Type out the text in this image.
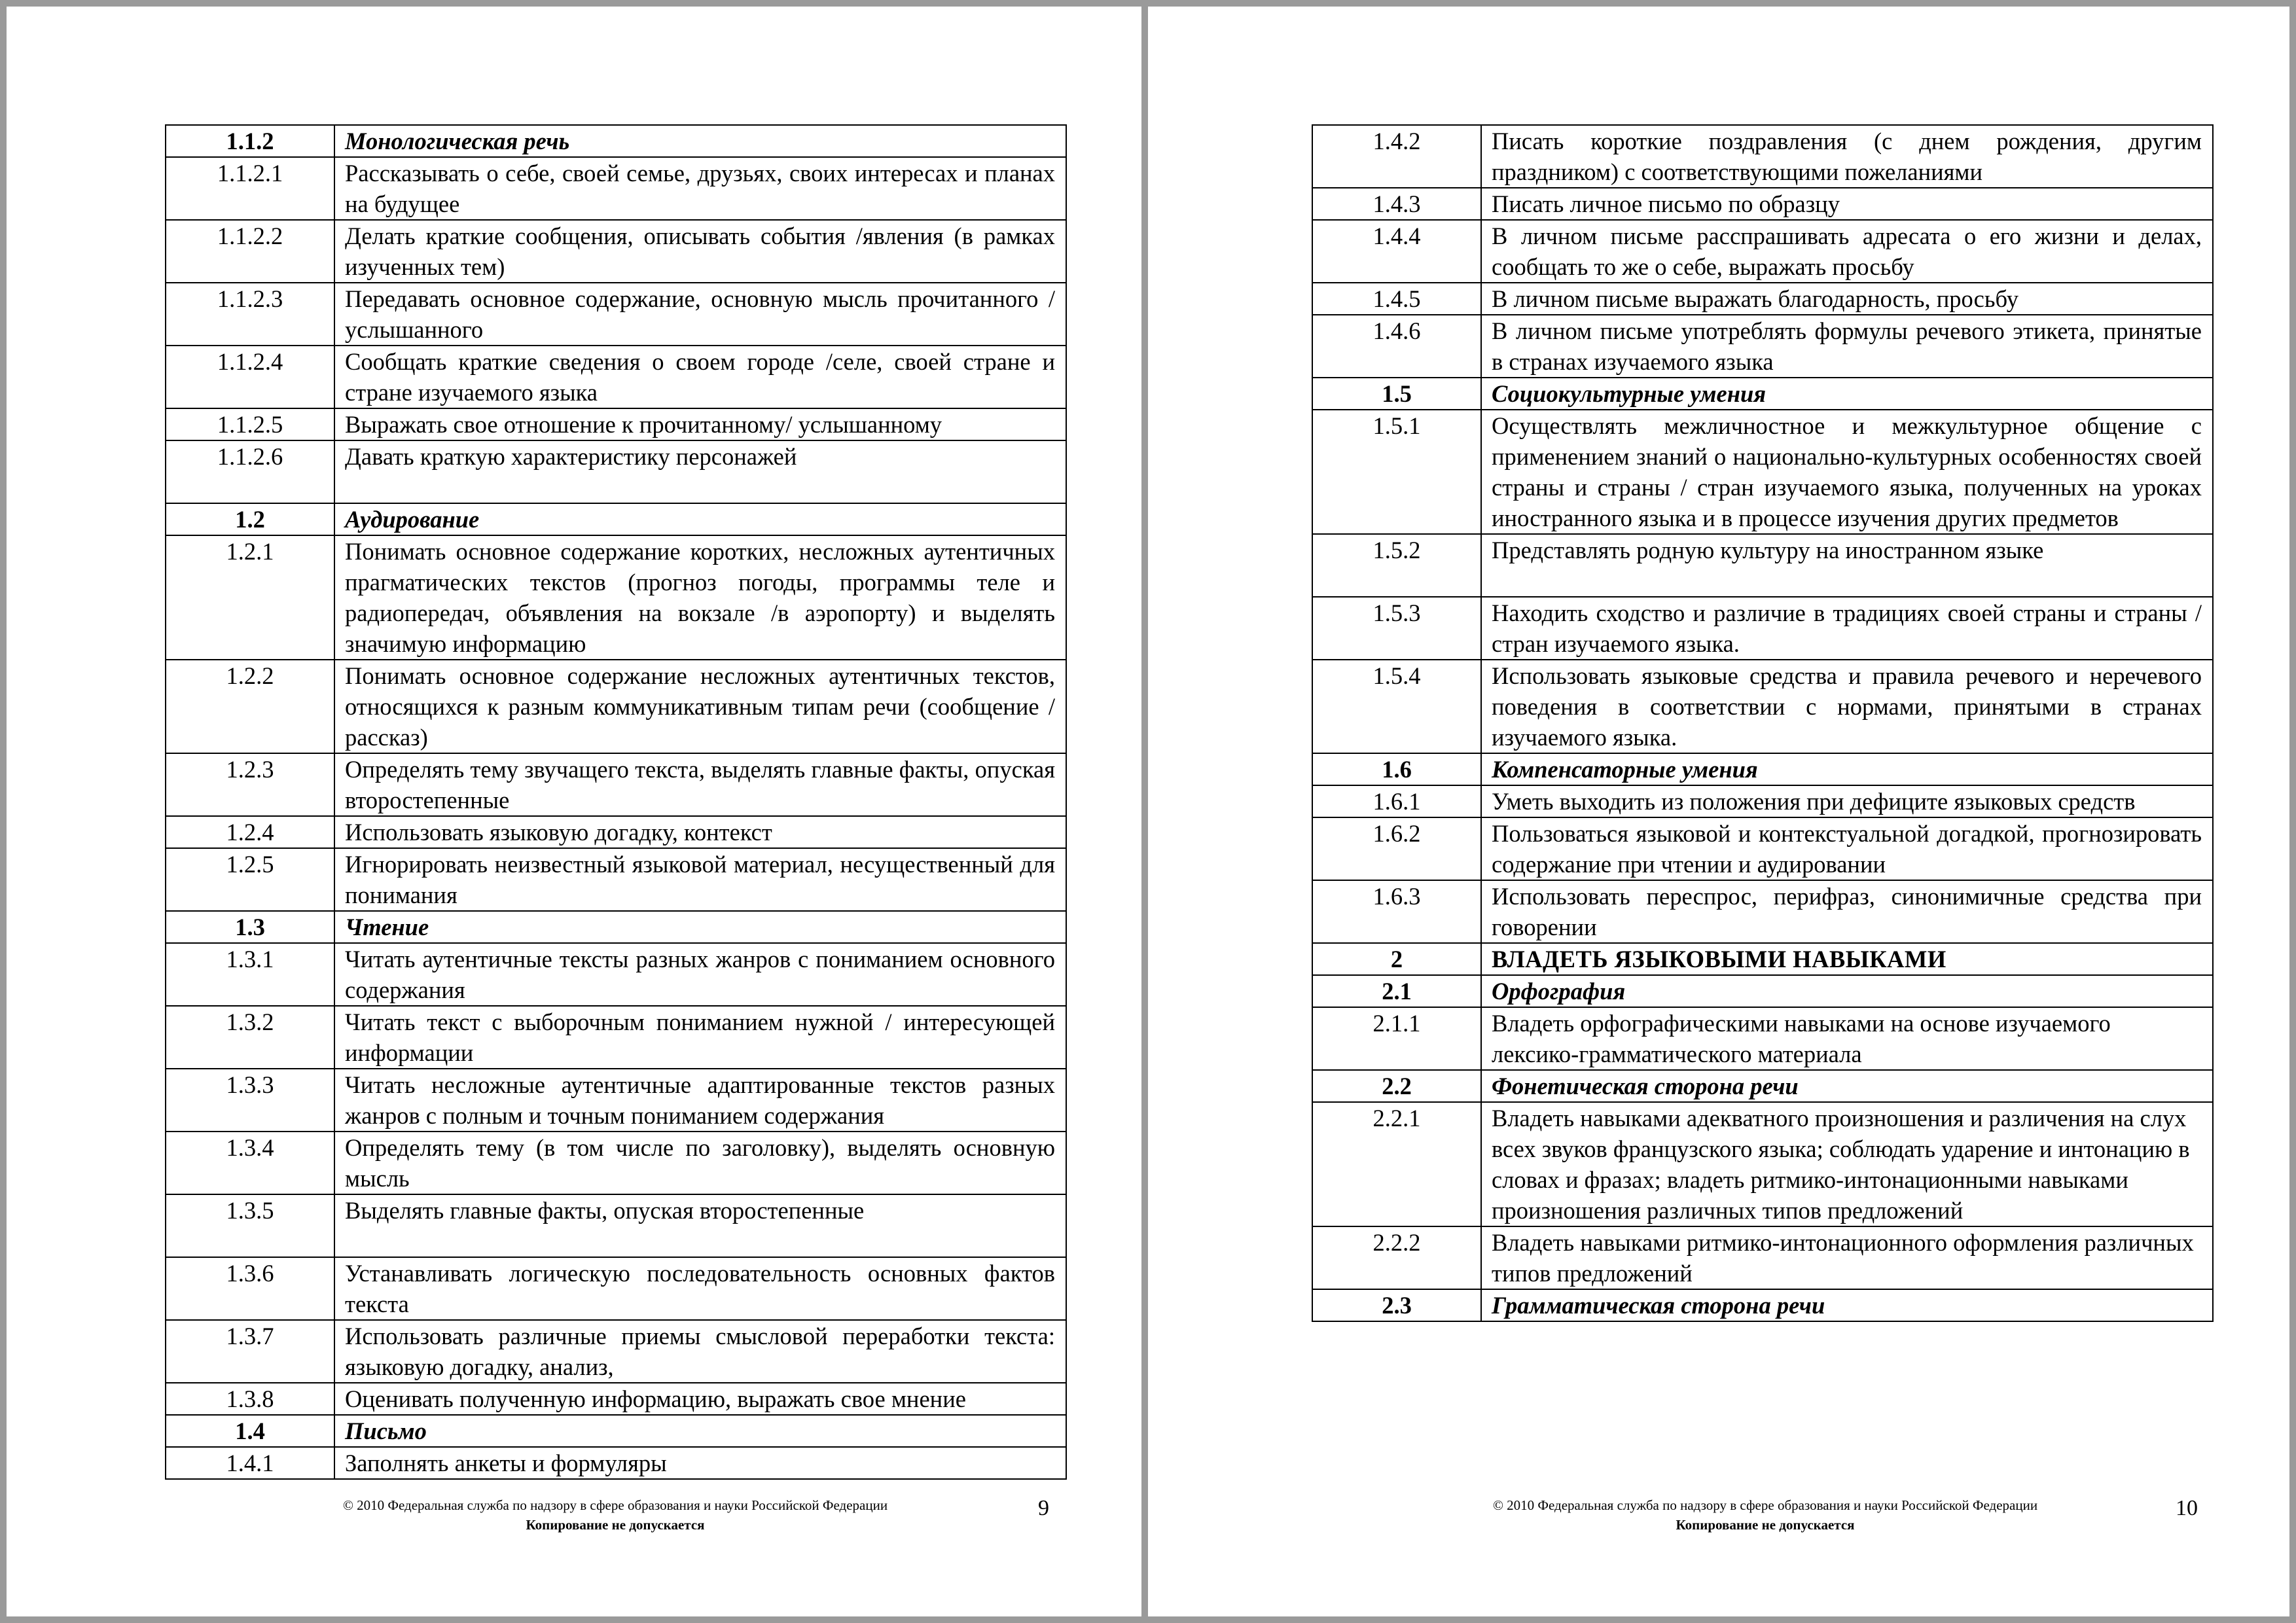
1.1.2	Монологическая речь
1.1.2.1	Рассказывать о себе, своей семье, друзьях, своих интересах и планах на будущее
1.1.2.2	Делать краткие сообщения, описывать события /явления (в рамках изученных тем)
1.1.2.3	Передавать основное содержание, основную мысль прочитанного / услышанного
1.1.2.4	Сообщать краткие сведения о своем городе /селе, своей стране и стране изучаемого языка
1.1.2.5	Выражать свое отношение к прочитанному/ услышанному
1.1.2.6	Давать краткую характеристику персонажей
1.2	Аудирование
1.2.1	Понимать основное содержание коротких, несложных аутентичных прагматических текстов (прогноз погоды, программы теле и радиопередач, объявления на вокзале /в аэропорту) и выделять значимую информацию
1.2.2	Понимать основное содержание несложных аутентичных текстов, относящихся к разным коммуникативным типам речи (сообщение / рассказ)
1.2.3	Определять тему звучащего текста, выделять главные факты, опуская второстепенные
1.2.4	Использовать языковую догадку, контекст
1.2.5	Игнорировать неизвестный языковой материал, несущественный для понимания
1.3	Чтение
1.3.1	Читать аутентичные тексты разных жанров с пониманием основного содержания
1.3.2	Читать текст с выборочным пониманием нужной / интересующей информации
1.3.3	Читать несложные аутентичные адаптированные текстов разных жанров с полным и точным пониманием содержания
1.3.4	Определять тему (в том числе по заголовку), выделять основную мысль
1.3.5	Выделять главные факты, опуская второстепенные
1.3.6	Устанавливать логическую последовательность основных фактов текста
1.3.7	Использовать различные приемы смысловой переработки текста: языковую догадку, анализ,
1.3.8	Оценивать полученную информацию, выражать свое мнение
1.4	Письмо
1.4.1	Заполнять анкеты и формуляры
© 2010 Федеральная служба по надзору в сфере образования и науки Российской Федерации
Копирование не допускается
9
1.4.2	Писать короткие поздравления (с днем рождения, другим праздником) с соответствующими пожеланиями
1.4.3	Писать личное письмо по образцу
1.4.4	В личном письме расспрашивать адресата о его жизни и делах, сообщать то же о себе, выражать просьбу
1.4.5	В личном письме выражать благодарность, просьбу
1.4.6	В личном письме употреблять формулы речевого этикета, принятые в странах изучаемого языка
1.5	Социокультурные умения
1.5.1	Осуществлять межличностное и межкультурное общение с применением знаний о национально-культурных особенностях своей страны и страны / стран изучаемого языка, полученных на уроках иностранного языка и в процессе изучения других предметов
1.5.2	Представлять родную культуру на иностранном языке
1.5.3	Находить сходство и различие в традициях своей страны и страны / стран изучаемого языка.
1.5.4	Использовать языковые средства и правила речевого и неречевого поведения в соответствии с нормами, принятыми в странах изучаемого языка.
1.6	Компенсаторные умения
1.6.1	Уметь выходить из положения при дефиците языковых средств
1.6.2	Пользоваться языковой и контекстуальной догадкой, прогнозировать содержание при чтении и аудировании
1.6.3	Использовать переспрос, перифраз, синонимичные средства при говорении
2	ВЛАДЕТЬ ЯЗЫКОВЫМИ НАВЫКАМИ
2.1	Орфография
2.1.1	Владеть орфографическими навыками на основе изучаемого лексико-грамматического материала
2.2	Фонетическая сторона речи
2.2.1	Владеть навыками адекватного произношения и различения на слух всех звуков французского языка; соблюдать ударение и интонацию в словах и фразах; владеть ритмико-интонационными навыками произношения различных типов предложений
2.2.2	Владеть навыками ритмико-интонационного оформления различных типов предложений
2.3	Грамматическая сторона речи
© 2010 Федеральная служба по надзору в сфере образования и науки Российской Федерации
Копирование не допускается
10
